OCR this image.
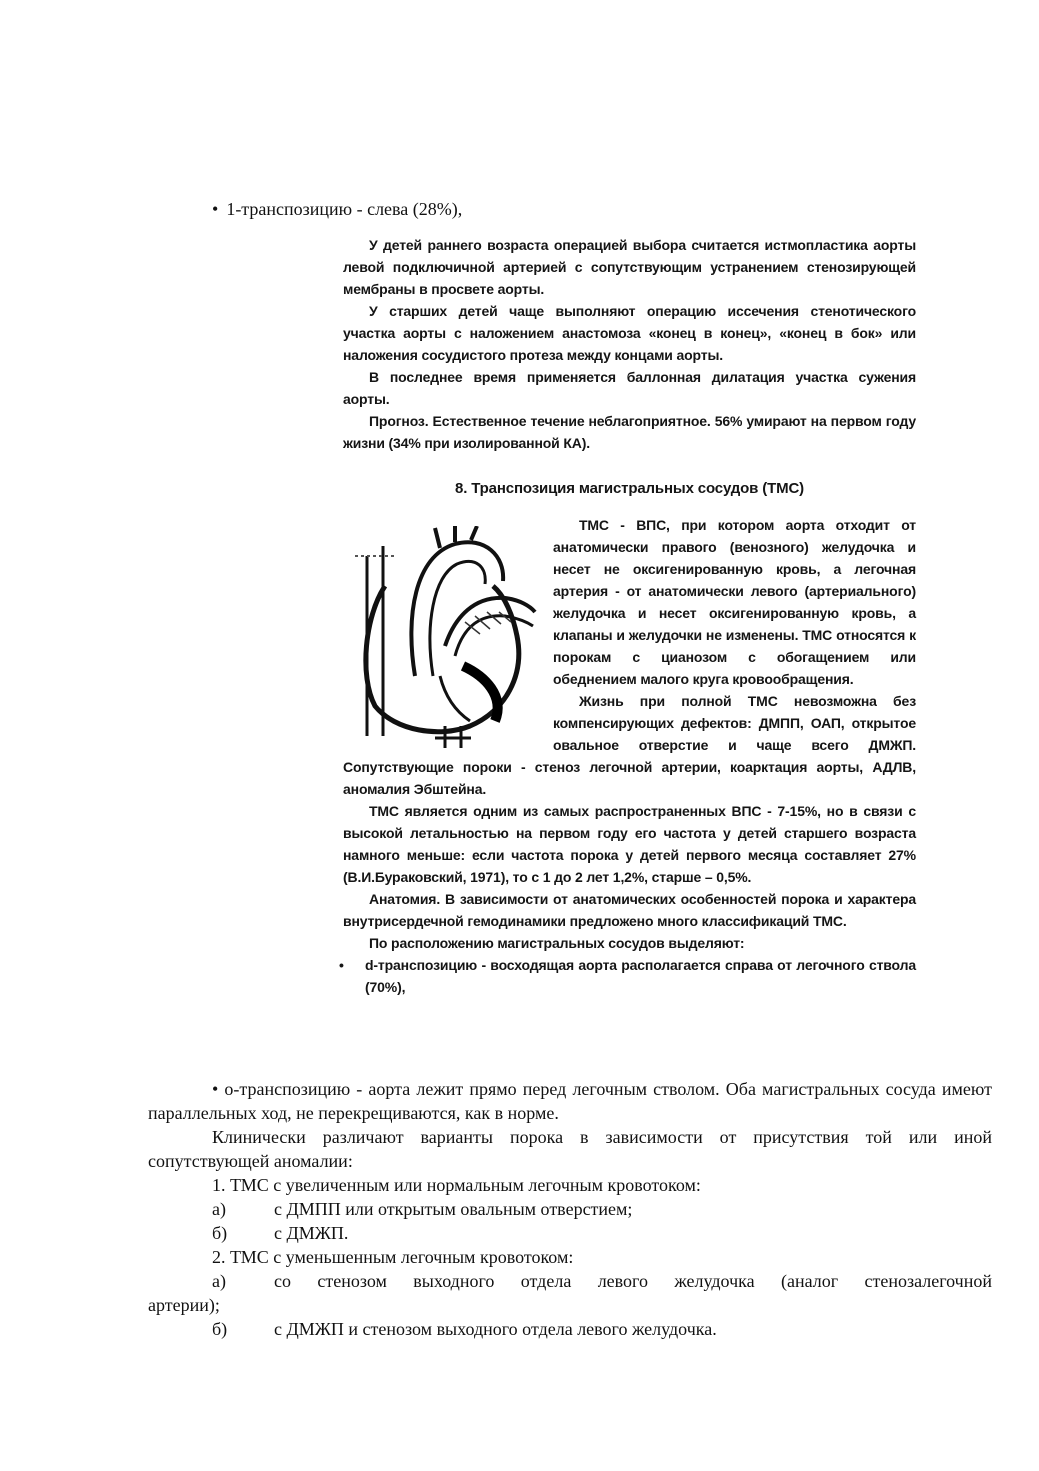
• 1-транспозицию - слева (28%),

У детей раннего возраста операцией выбора считается истмопластика аорты левой подключичной артерией с сопутствующим устранением стенозирующей мембраны в просвете аорты.

У старших детей чаще выполняют операцию иссечения стенотического участка аорты с наложением анастомоза «конец в конец», «конец в бок» или наложения сосудистого протеза между концами аорты.

В последнее время применяется баллонная дилатация участка сужения аорты.

Прогноз. Естественное течение неблагоприятное. 56% умирают на первом году жизни (34% при изолированной КА).

8. Транспозиция магистральных сосудов (ТМС)

ТМС - ВПС, при котором аорта отходит от анатомически правого (венозного) желудочка и несет не оксигенированную кровь, а легочная артерия - от анатомически левого (артериального) желудочка и несет оксигенированную кровь, а клапаны и желудочки не изменены. ТМС относятся к порокам с цианозом с обогащением или обеднением малого круга кровообращения.

Жизнь при полной ТМС невозможна без компенсирующих дефектов: ДМПП, ОАП, открытое овальное отверстие и чаще всего ДМЖП. Сопутствующие пороки - стеноз легочной артерии, коарктация аорты, АДЛВ, аномалия Эбштейна.

ТМС является одним из самых распространенных ВПС - 7-15%, но в связи с высокой летальностью на первом году его частота у детей старшего возраста намного меньше: если частота порока у детей первого месяца составляет 27% (В.И.Бураковский, 1971), то с 1 до 2 лет 1,2%, старше – 0,5%.

Анатомия. В зависимости от анатомических особенностей порока и характера внутрисердечной гемодинамики предложено много классификаций ТМС.

По расположению магистральных сосудов выделяют:

• d-транспозицию - восходящая аорта располагается справа от легочного ствола (70%),

• о-транспозицию - аорта лежит прямо перед легочным стволом. Оба магистральных сосуда имеют параллельных ход, не перекрещиваются, как в норме.

Клинически различают варианты порока в зависимости от присутствия той или иной сопутствующей аномалии:

1. ТМС с увеличенным или нормальным легочным кровотоком:

а)	с ДМПП или открытым овальным отверстием;
б)	с ДМЖП.

2. ТМС с уменьшенным легочным кровотоком:

а)	со стенозом выходного отдела левого желудочка (аналог стенозалегочной
артерии);
б)	с ДМЖП и стенозом выходного отдела левого желудочка.
